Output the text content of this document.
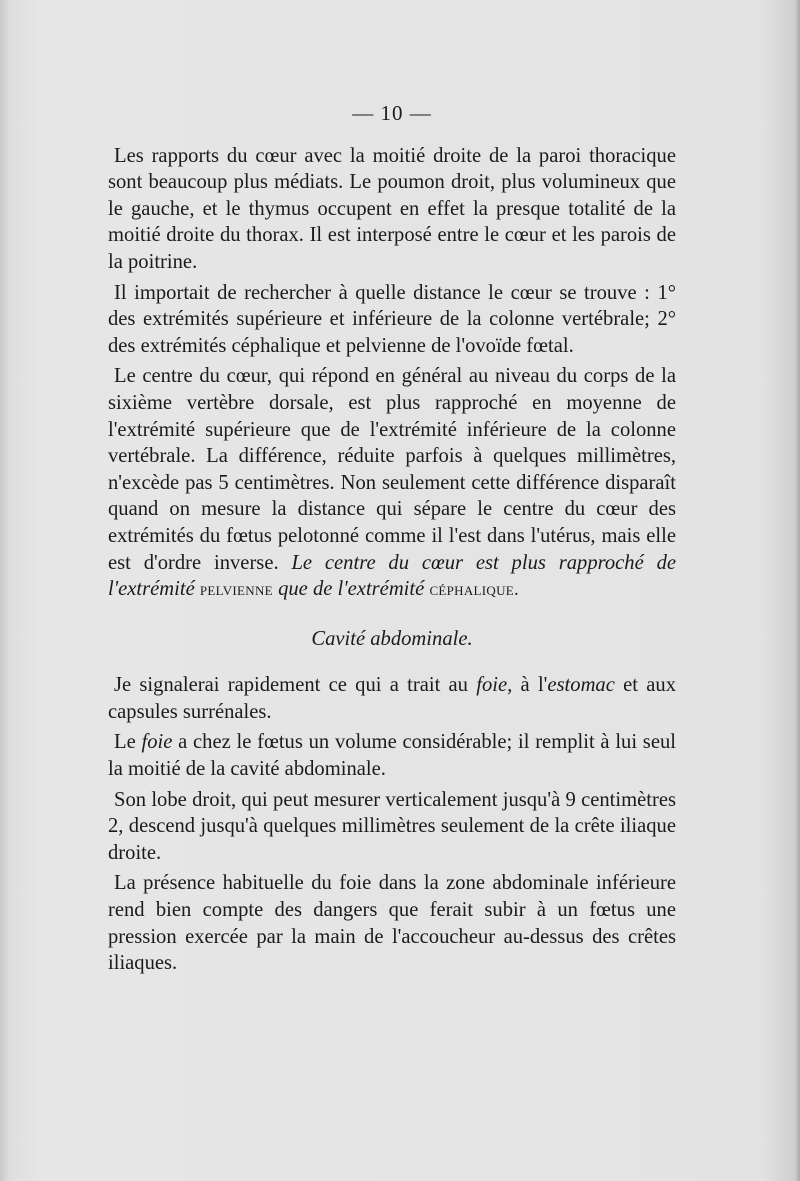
— 10 —

Les rapports du cœur avec la moitié droite de la paroi thoracique sont beaucoup plus médiats. Le poumon droit, plus volumineux que le gauche, et le thymus occupent en effet la presque totalité de la moitié droite du thorax. Il est interposé entre le cœur et les parois de la poitrine.

Il importait de rechercher à quelle distance le cœur se trouve : 1° des extrémités supérieure et inférieure de la colonne vertébrale; 2° des extrémités céphalique et pelvienne de l'ovoïde fœtal.

Le centre du cœur, qui répond en général au niveau du corps de la sixième vertèbre dorsale, est plus rapproché en moyenne de l'extrémité supérieure que de l'extrémité inférieure de la colonne vertébrale. La différence, réduite parfois à quelques millimètres, n'excède pas 5 centimètres. Non seulement cette différence disparaît quand on mesure la distance qui sépare le centre du cœur des extrémités du fœtus pelotonné comme il l'est dans l'utérus, mais elle est d'ordre inverse. Le centre du cœur est plus rapproché de l'extrémité pelvienne que de l'extrémité céphalique.

Cavité abdominale.

Je signalerai rapidement ce qui a trait au foie, à l'estomac et aux capsules surrénales.

Le foie a chez le fœtus un volume considérable; il remplit à lui seul la moitié de la cavité abdominale.

Son lobe droit, qui peut mesurer verticalement jusqu'à 9 centimètres 2, descend jusqu'à quelques millimètres seulement de la crête iliaque droite.

La présence habituelle du foie dans la zone abdominale inférieure rend bien compte des dangers que ferait subir à un fœtus une pression exercée par la main de l'accoucheur au-dessus des crêtes iliaques.
